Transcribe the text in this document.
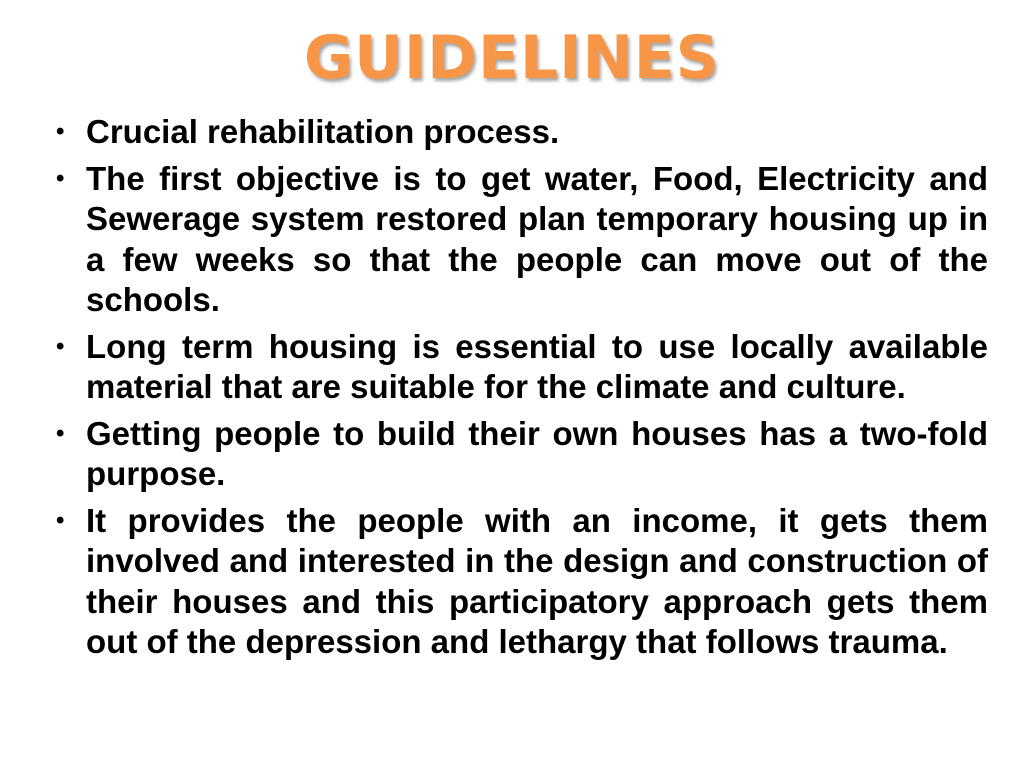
GUIDELINES
• Crucial rehabilitation process.
• The first objective is to get water, Food, Electricity and Sewerage system restored plan temporary housing up in a few weeks so that the people can move out of the schools.
• Long term housing is essential to use locally available material that are suitable for the climate and culture.
• Getting people to build their own houses has a two-fold purpose.
• It provides the people with an income, it gets them involved and interested in the design and construction of their houses and this participatory approach gets them out of the depression and lethargy that follows trauma.
